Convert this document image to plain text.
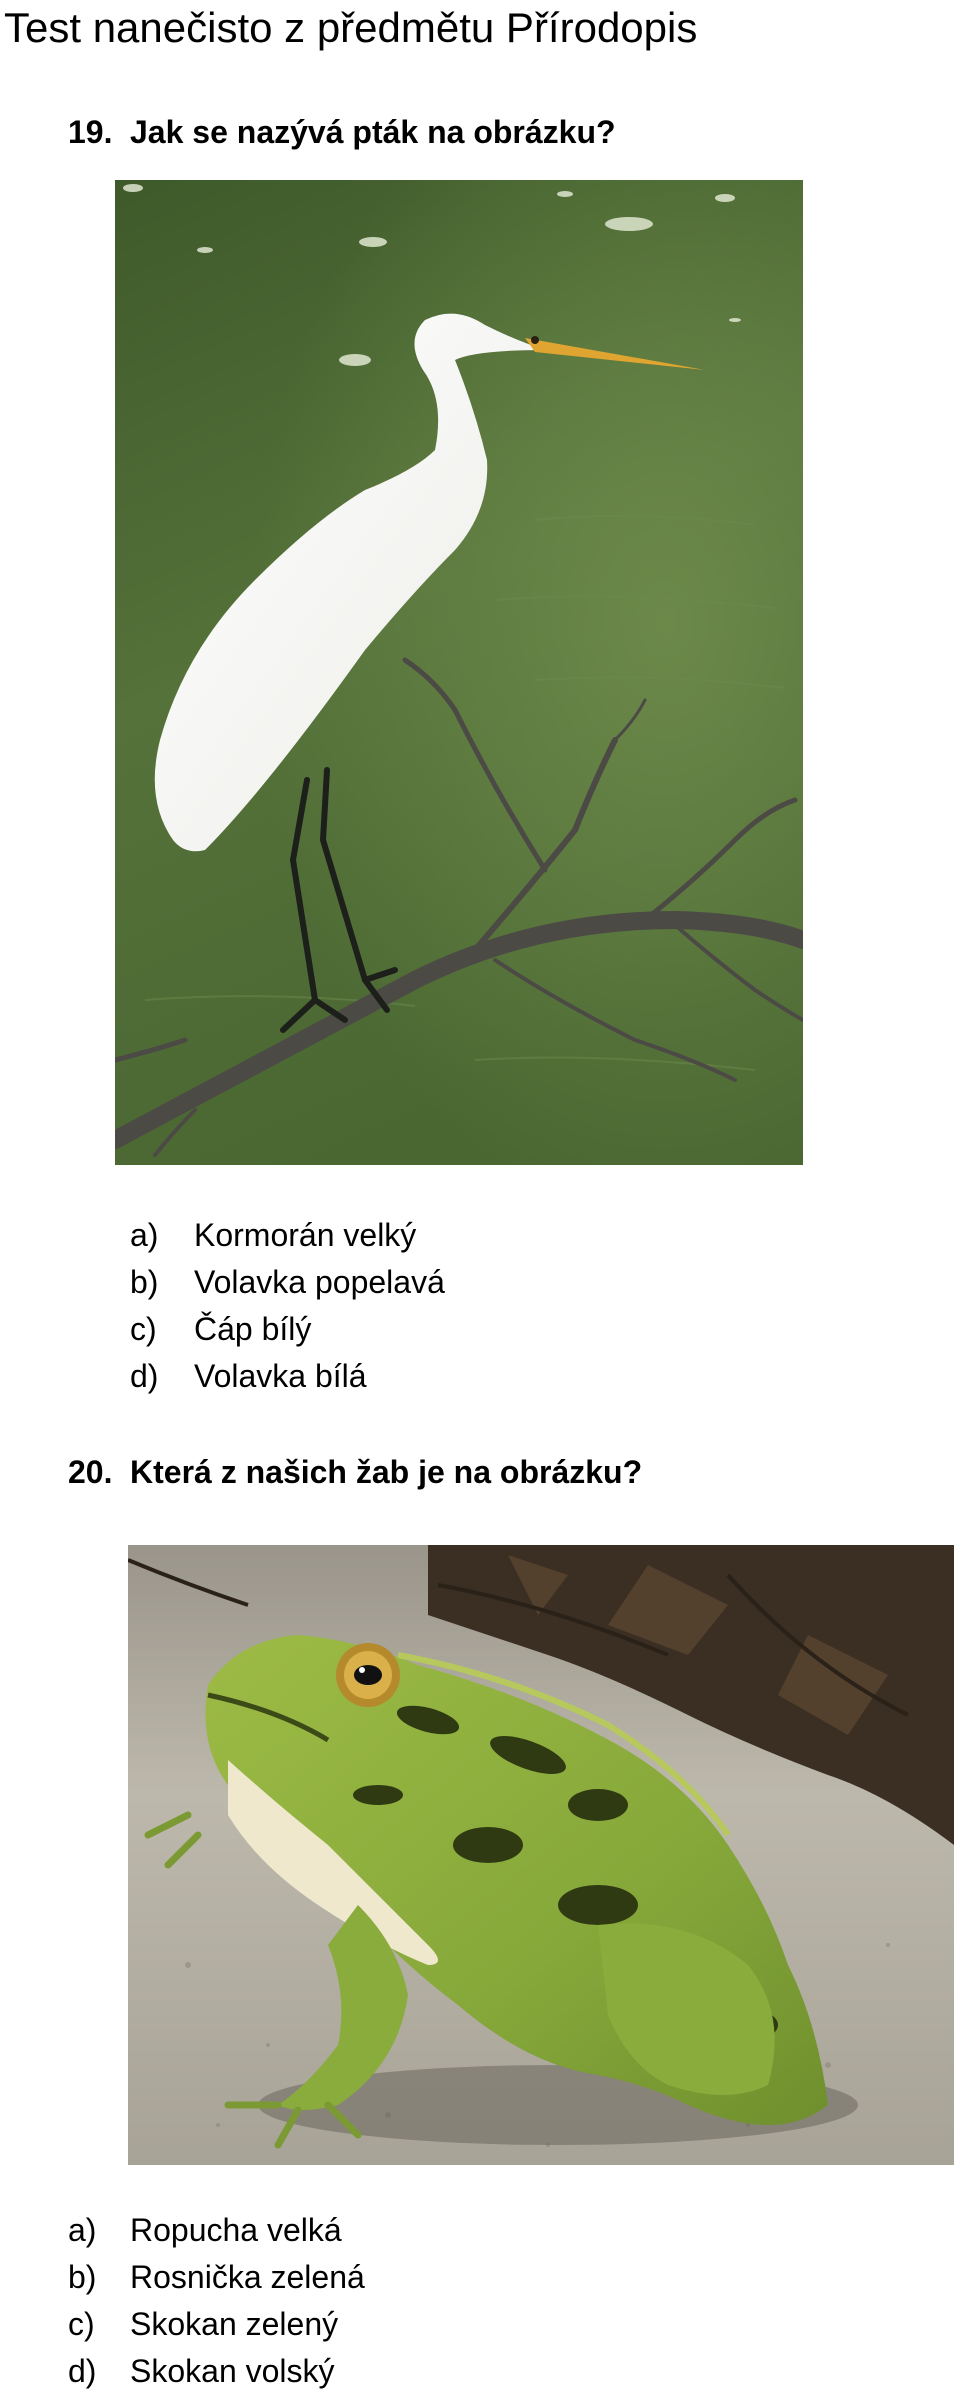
Test nanečisto z předmětu Přírodopis
19. Jak se nazývá pták na obrázku?
a) Kormorán velký
b) Volavka popelavá
c) Čáp bílý
d) Volavka bílá
20. Která z našich žab je na obrázku?
a) Ropucha velká
b) Rosnička zelená
c) Skokan zelený
d) Skokan volský
